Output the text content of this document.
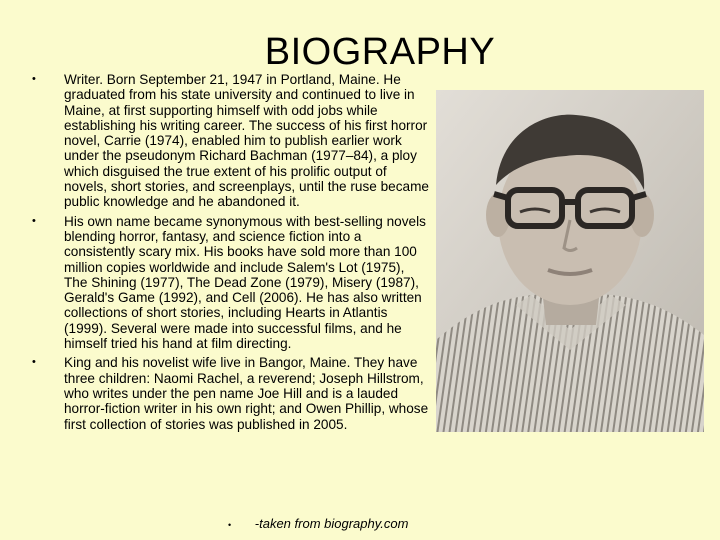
BIOGRAPHY
• Writer. Born September 21, 1947 in Portland, Maine. He graduated from his state university and continued to live in Maine, at first supporting himself with odd jobs while establishing his writing career. The success of his first horror novel, Carrie (1974), enabled him to publish earlier work under the pseudonym Richard Bachman (1977–84), a ploy which disguised the true extent of his prolific output of novels, short stories, and screenplays, until the ruse became public knowledge and he abandoned it.
• His own name became synonymous with best-selling novels blending horror, fantasy, and science fiction into a consistently scary mix. His books have sold more than 100 million copies worldwide and include Salem's Lot (1975), The Shining (1977), The Dead Zone (1979), Misery (1987), Gerald's Game (1992), and Cell (2006). He has also written collections of short stories, including Hearts in Atlantis (1999). Several were made into successful films, and he himself tried his hand at film directing.
• King and his novelist wife live in Bangor, Maine. They have three children: Naomi Rachel, a reverend; Joseph Hillstrom, who writes under the pen name Joe Hill and is a lauded horror-fiction writer in his own right; and Owen Phillip, whose first collection of stories was published in 2005.
• -taken from biography.com
